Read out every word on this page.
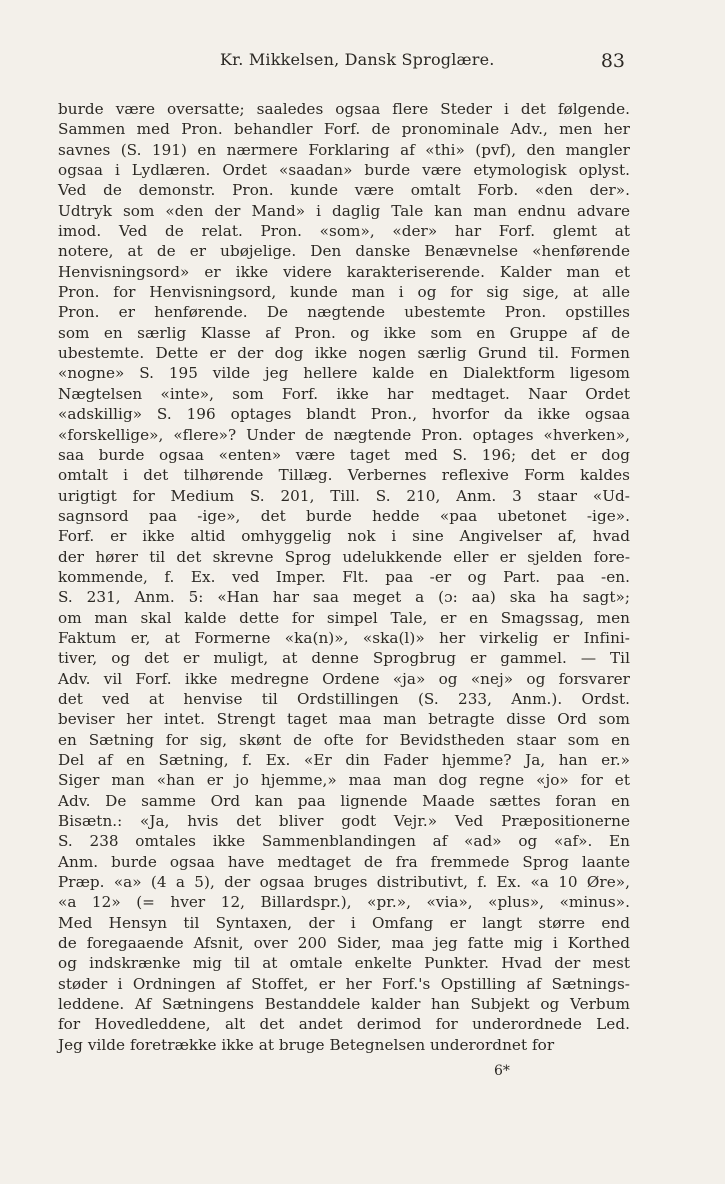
Kr. Mikkelsen, Dansk Sproglære.	83
burde være oversatte; saaledes ogsaa flere Steder i det følgende.
Sammen med Pron. behandler Forf. de pronominale Adv., men her
savnes (S. 191) en nærmere Forklaring af «thi» (pvf), den mangler
ogsaa i Lydlæren. Ordet «saadan» burde være etymologisk oplyst.
Ved de demonstr. Pron. kunde være omtalt Forb. «den der».
Udtryk som «den der Mand» i daglig Tale kan man endnu advare
imod. Ved de relat. Pron. «som», «der» har Forf. glemt at
notere, at de er ubøjelige. Den danske Benævnelse «henførende
Henvisningsord» er ikke videre karakteriserende. Kalder man et
Pron. for Henvisningsord, kunde man i og for sig sige, at alle
Pron. er henførende. De nægtende ubestemte Pron. opstilles
som en særlig Klasse af Pron. og ikke som en Gruppe af de
ubestemte. Dette er der dog ikke nogen særlig Grund til. Formen
«nogne» S. 195 vilde jeg hellere kalde en Dialektform ligesom
Nægtelsen «inte», som Forf. ikke har medtaget. Naar Ordet
«adskillig» S. 196 optages blandt Pron., hvorfor da ikke ogsaa
«forskellige», «flere»? Under de nægtende Pron. optages «hverken»,
saa burde ogsaa «enten» være taget med S. 196; det er dog
omtalt i det tilhørende Tillæg. Verbernes reflexive Form kaldes
urigtigt for Medium S. 201, Till. S. 210, Anm. 3 staar «Ud-
sagnsord paa -ige», det burde hedde «paa ubetonet -ige».
Forf. er ikke altid omhyggelig nok i sine Angivelser af, hvad
der hører til det skrevne Sprog udelukkende eller er sjelden fore-
kommende, f. Ex. ved Imper. Flt. paa -er og Part. paa -en.
S. 231, Anm. 5: «Han har saa meget a (ɔ: aa) ska ha sagt»;
om man skal kalde dette for simpel Tale, er en Smagssag, men
Faktum er, at Formerne «ka(n)», «ska(l)» her virkelig er Infini-
tiver, og det er muligt, at denne Sprogbrug er gammel. — Til
Adv. vil Forf. ikke medregne Ordene «ja» og «nej» og forsvarer
det ved at henvise til Ordstillingen (S. 233, Anm.). Ordst.
beviser her intet. Strengt taget maa man betragte disse Ord som
en Sætning for sig, skønt de ofte for Bevidstheden staar som en
Del af en Sætning, f. Ex. «Er din Fader hjemme? Ja, han er.»
Siger man «han er jo hjemme,» maa man dog regne «jo» for et
Adv. De samme Ord kan paa lignende Maade sættes foran en
Bisætn.: «Ja, hvis det bliver godt Vejr.» Ved Præpositionerne
S. 238 omtales ikke Sammenblandingen af «ad» og «af». En
Anm. burde ogsaa have medtaget de fra fremmede Sprog laante
Præp. «a» (4 a 5), der ogsaa bruges distributivt, f. Ex. «a 10 Øre»,
«a 12» (= hver 12, Billardspr.), «pr.», «via», «plus», «minus».
Med Hensyn til Syntaxen, der i Omfang er langt større end
de foregaaende Afsnit, over 200 Sider, maa jeg fatte mig i Korthed
og indskrænke mig til at omtale enkelte Punkter. Hvad der mest
støder i Ordningen af Stoffet, er her Forf.'s Opstilling af Sætnings-
leddene. Af Sætningens Bestanddele kalder han Subjekt og Verbum
for Hovedleddene, alt det andet derimod for underordnede Led.
Jeg vilde foretrække ikke at bruge Betegnelsen underordnet for
6*
